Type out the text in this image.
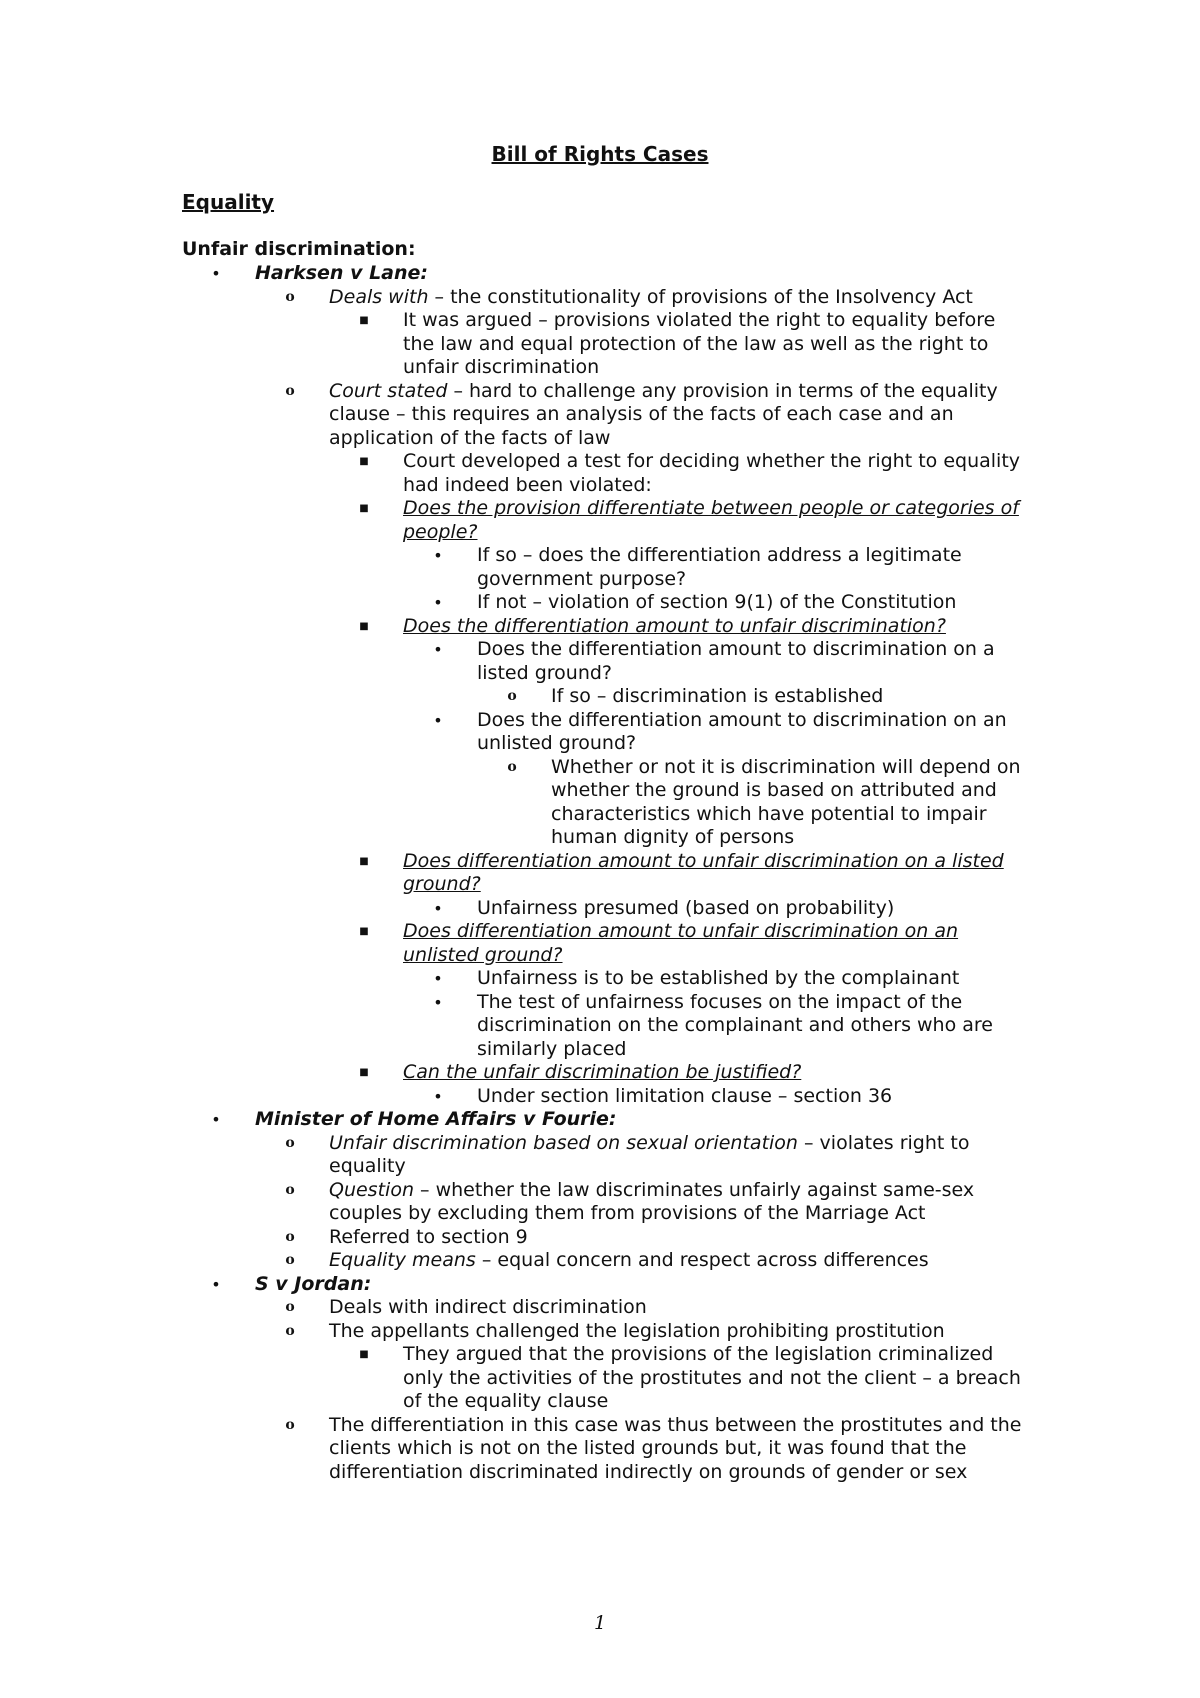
Bill of Rights Cases
Equality
Unfair discrimination:
• Harksen v Lane:
o Deals with – the constitutionality of provisions of the Insolvency Act
■ It was argued – provisions violated the right to equality before the law and equal protection of the law as well as the right to unfair discrimination
o Court stated – hard to challenge any provision in terms of the equality clause – this requires an analysis of the facts of each case and an application of the facts of law
■ Court developed a test for deciding whether the right to equality had indeed been violated:
■ Does the provision differentiate between people or categories of people?
• If so – does the differentiation address a legitimate government purpose?
• If not – violation of section 9(1) of the Constitution
■ Does the differentiation amount to unfair discrimination?
• Does the differentiation amount to discrimination on a listed ground?
o If so – discrimination is established
• Does the differentiation amount to discrimination on an unlisted ground?
o Whether or not it is discrimination will depend on whether the ground is based on attributed and characteristics which have potential to impair human dignity of persons
■ Does differentiation amount to unfair discrimination on a listed ground?
• Unfairness presumed (based on probability)
■ Does differentiation amount to unfair discrimination on an unlisted ground?
• Unfairness is to be established by the complainant
• The test of unfairness focuses on the impact of the discrimination on the complainant and others who are similarly placed
■ Can the unfair discrimination be justified?
• Under section limitation clause – section 36
• Minister of Home Affairs v Fourie:
o Unfair discrimination based on sexual orientation – violates right to equality
o Question – whether the law discriminates unfairly against same-sex couples by excluding them from provisions of the Marriage Act
o Referred to section 9
o Equality means – equal concern and respect across differences
• S v Jordan:
o Deals with indirect discrimination
o The appellants challenged the legislation prohibiting prostitution
■ They argued that the provisions of the legislation criminalized only the activities of the prostitutes and not the client – a breach of the equality clause
o The differentiation in this case was thus between the prostitutes and the clients which is not on the listed grounds but, it was found that the differentiation discriminated indirectly on grounds of gender or sex
1
